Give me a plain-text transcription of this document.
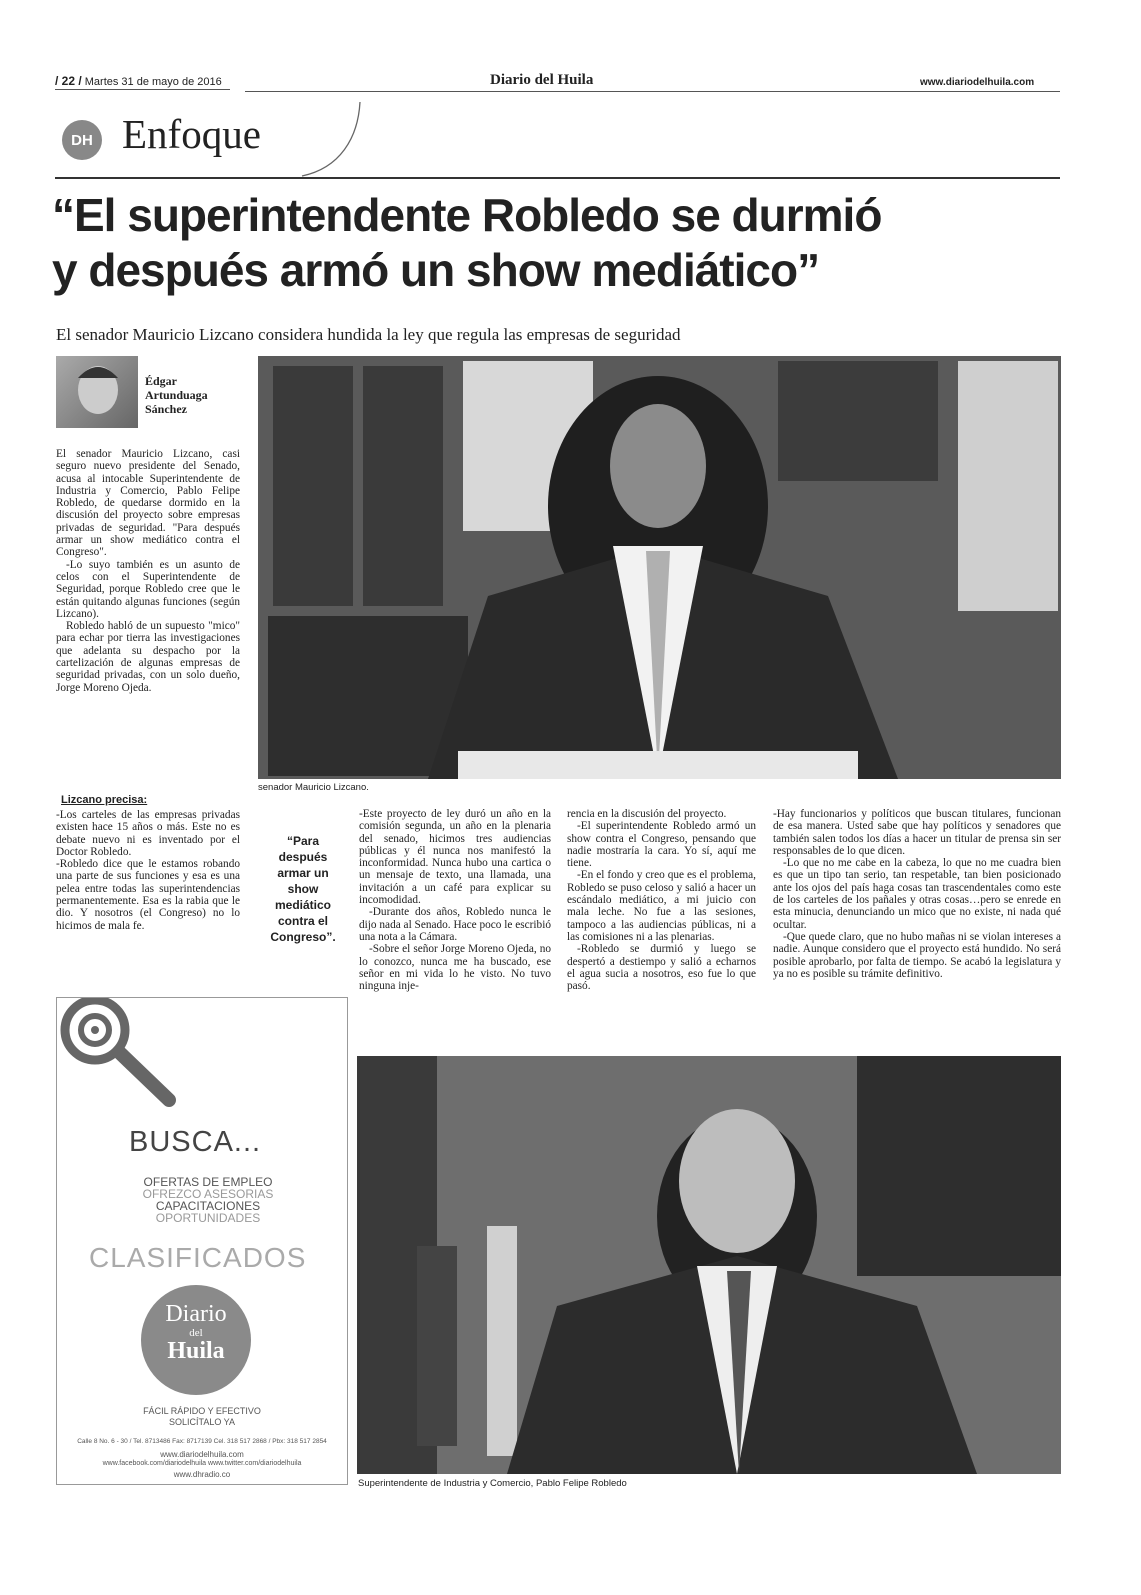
/ 22 / Martes 31 de mayo de 2016	Diario del Huila	www.diariodelhuila.com
DH Enfoque
“El superintendente Robledo se durmió
y después armó un show mediático”
El senador Mauricio Lizcano considera hundida la ley que regula las empresas de seguridad
Édgar
Artunduaga
Sánchez
senador Mauricio Lizcano.

El senador Mauricio Lizcano, casi seguro nuevo presidente del Senado, acusa al intocable Superintendente de Industria y Comercio, Pablo Felipe Robledo, de quedarse dormido en la discusión del proyecto sobre empresas privadas de seguridad. "Para después armar un show mediático contra el Congreso".

-Lo suyo también es un asunto de celos con el Superintendente de Seguridad, porque Robledo cree que le están quitando algunas funciones (según Lizcano).

Robledo habló de un supuesto "mico" para echar por tierra las investigaciones que adelanta su despacho por la cartelización de algunas empresas de seguridad privadas, con un solo dueño, Jorge Moreno Ojeda.

Lizcano precisa:

-Los carteles de las empresas privadas existen hace 15 años o más. Este no es debate nuevo ni es inventado por el Doctor Robledo.

-Robledo dice que le estamos robando una parte de sus funciones y esa es una pelea entre todas las superintendencias permanentemente. Esa es la rabia que le dio. Y nosotros (el Congreso) no lo hicimos de mala fe.

“Para después armar un show mediático contra el Congreso”.

-Este proyecto de ley duró un año en la comisión segunda, un año en la plenaria del senado, hicimos tres audiencias públicas y él nunca nos manifestó la inconformidad. Nunca hubo una cartica o un mensaje de texto, una llamada, una invitación a un café para explicar su incomodidad.

-Durante dos años, Robledo nunca le dijo nada al Senado. Hace poco le escribió una nota a la Cámara.

-Sobre el señor Jorge Moreno Ojeda, no lo conozco, nunca me ha buscado, ese señor en mi vida lo he visto. No tuvo ninguna inje-

rencia en la discusión del proyecto.

-El superintendente Robledo armó un show contra el Congreso, pensando que nadie mostraría la cara. Yo sí, aquí me tiene.

-En el fondo y creo que es el problema, Robledo se puso celoso y salió a hacer un escándalo mediático, a mi juicio con mala leche. No fue a las sesiones, tampoco a las audiencias públicas, ni a las comisiones ni a las plenarias.

-Robledo se durmió y luego se despertó a destiempo y salió a echarnos el agua sucia a nosotros, eso fue lo que pasó.

-Hay funcionarios y políticos que buscan titulares, funcionan de esa manera. Usted sabe que hay políticos y senadores que también salen todos los días a hacer un titular de prensa sin ser responsables de lo que dicen.

-Lo que no me cabe en la cabeza, lo que no me cuadra bien es que un tipo tan serio, tan respetable, tan bien posicionado ante los ojos del país haga cosas tan trascendentales como este de los carteles de los pañales y otras cosas…pero se enrede en esta minucia, denunciando un mico que no existe, ni nada qué ocultar.

-Que quede claro, que no hubo mañas ni se violan intereses a nadie. Aunque considero que el proyecto está hundido. No será posible aprobarlo, por falta de tiempo. Se acabó la legislatura y ya no es posible su trámite definitivo.

Superintendente de Industria y Comercio, Pablo Felipe Robledo
BUSCA...
OFERTAS DE EMPLEO
OFREZCO ASESORIAS
CAPACITACIONES
OPORTUNIDADES
CLASIFICADOS
Diario
del
Huila
FÁCIL RÁPIDO Y EFECTIVO
SOLICÍTALO YA
Calle 8 No. 6 - 30 / Tel. 8713486 Fax: 8717139 Cel. 318 517 2868 / Pbx: 318 517 2854
www.diariodelhuila.com
www.facebook.com/diariodelhuila www.twitter.com/diariodelhuila
www.dhradio.co
